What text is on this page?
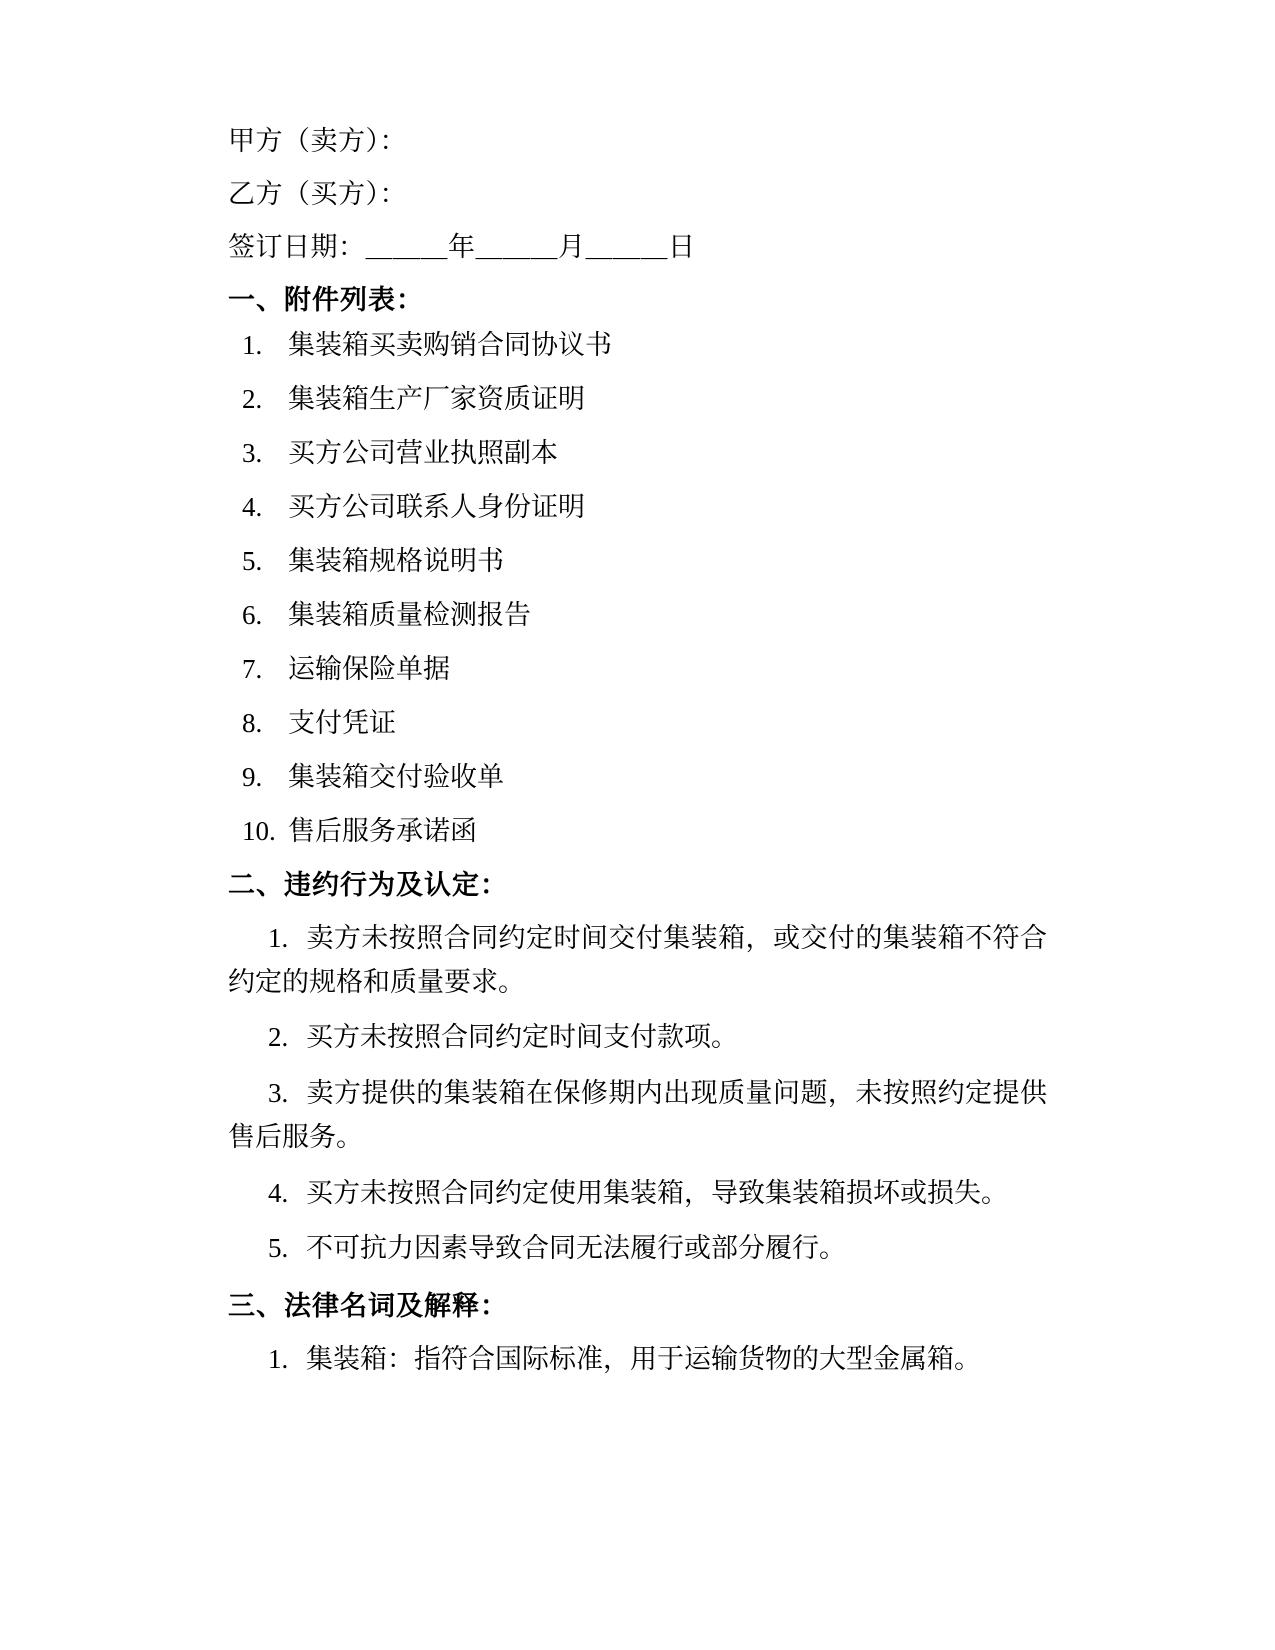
甲方（卖方）：
乙方（买方）：
签订日期：＿＿＿年＿＿＿月＿＿＿日
一、附件列表：
1. 集装箱买卖购销合同协议书
2. 集装箱生产厂家资质证明
3. 买方公司营业执照副本
4. 买方公司联系人身份证明
5. 集装箱规格说明书
6. 集装箱质量检测报告
7. 运输保险单据
8. 支付凭证
9. 集装箱交付验收单
10. 售后服务承诺函
二、违约行为及认定：
1. 卖方未按照合同约定时间交付集装箱，或交付的集装箱不符合约定的规格和质量要求。
2. 买方未按照合同约定时间支付款项。
3. 卖方提供的集装箱在保修期内出现质量问题，未按照约定提供售后服务。
4. 买方未按照合同约定使用集装箱，导致集装箱损坏或损失。
5. 不可抗力因素导致合同无法履行或部分履行。
三、法律名词及解释：
1. 集装箱：指符合国际标准，用于运输货物的大型金属箱。
